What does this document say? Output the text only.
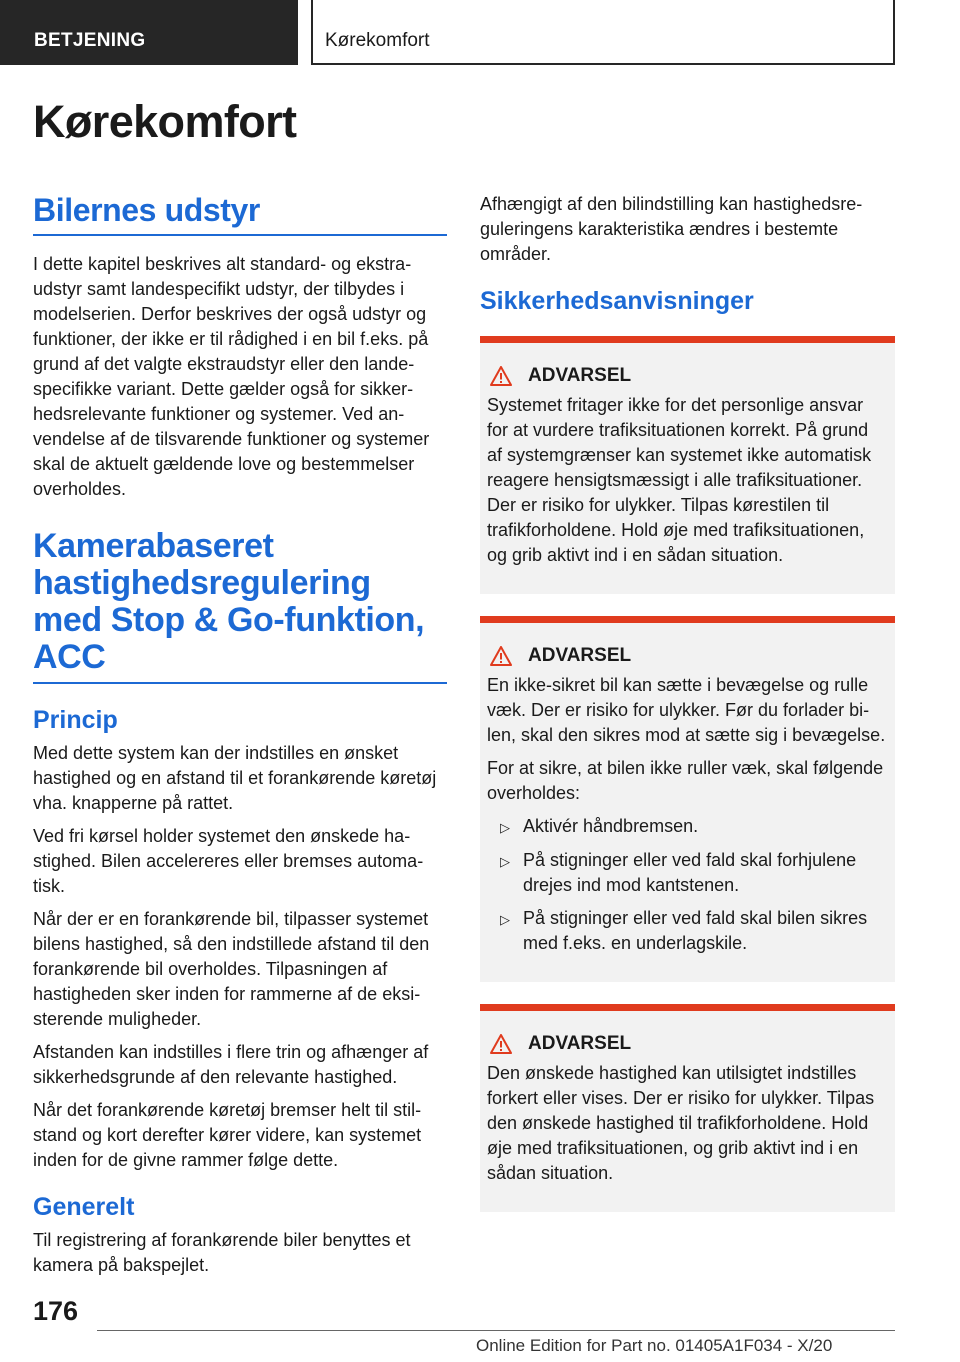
BETJENING	Kørekomfort
Kørekomfort
Bilernes udstyr

I dette kapitel beskrives alt standard- og ekstraudstyr samt landespecifikt udstyr, der tilbydes i modelserien. Derfor beskrives der også udstyr og funktioner, der ikke er til rådighed i en bil f.eks. på grund af det valgte ekstraudstyr eller den landespecifikke variant. Dette gælder også for sikkerhedsrelevante funktioner og systemer. Ved anvendelse af de tilsvarende funktioner og systemer skal de aktuelt gældende love og bestemmelser overholdes.

Kamerabaseret hastighedsregulering med Stop & Go-funktion, ACC
Princip

Med dette system kan der indstilles en ønsket hastighed og en afstand til et forankørende køretøj vha. knapperne på rattet.

Ved fri kørsel holder systemet den ønskede hastighed. Bilen accelereres eller bremses automatisk.

Når der er en forankørende bil, tilpasser systemet bilens hastighed, så den indstillede afstand til den forankørende bil overholdes. Tilpasningen af hastigheden sker inden for rammerne af de eksisterende muligheder.

Afstanden kan indstilles i flere trin og afhænger af sikkerhedsgrunde af den relevante hastighed.

Når det forankørende køretøj bremser helt til stilstand og kort derefter kører videre, kan systemet inden for de givne rammer følge dette.

Generelt

Til registrering af forankørende biler benyttes et kamera på bakspejlet.

Afhængigt af den bilindstilling kan hastighedsreguleringens karakteristika ændres i bestemte områder.

Sikkerhedsanvisninger
ADVARSEL

Systemet fritager ikke for det personlige ansvar for at vurdere trafiksituationen korrekt. På grund af systemgrænser kan systemet ikke automatisk reagere hensigtsmæssigt i alle trafiksituationer. Der er risiko for ulykker. Tilpas kørestilen til trafikforholdene. Hold øje med trafiksituationen, og grib aktivt ind i en sådan situation.

ADVARSEL

En ikke-sikret bil kan sætte i bevægelse og rulle væk. Der er risiko for ulykker. Før du forlader bilen, skal den sikres mod at sætte sig i bevægelse.

For at sikre, at bilen ikke ruller væk, skal følgende overholdes:

▷ Aktivér håndbremsen.
▷ På stigninger eller ved fald skal forhjulene drejes ind mod kantstenen.
▷ På stigninger eller ved fald skal bilen sikres med f.eks. en underlagskile.
ADVARSEL

Den ønskede hastighed kan utilsigtet indstilles forkert eller vises. Der er risiko for ulykker. Tilpas den ønskede hastighed til trafikforholdene. Hold øje med trafiksituationen, og grib aktivt ind i en sådan situation.

176
Online Edition for Part no. 01405A1F034 - X/20
